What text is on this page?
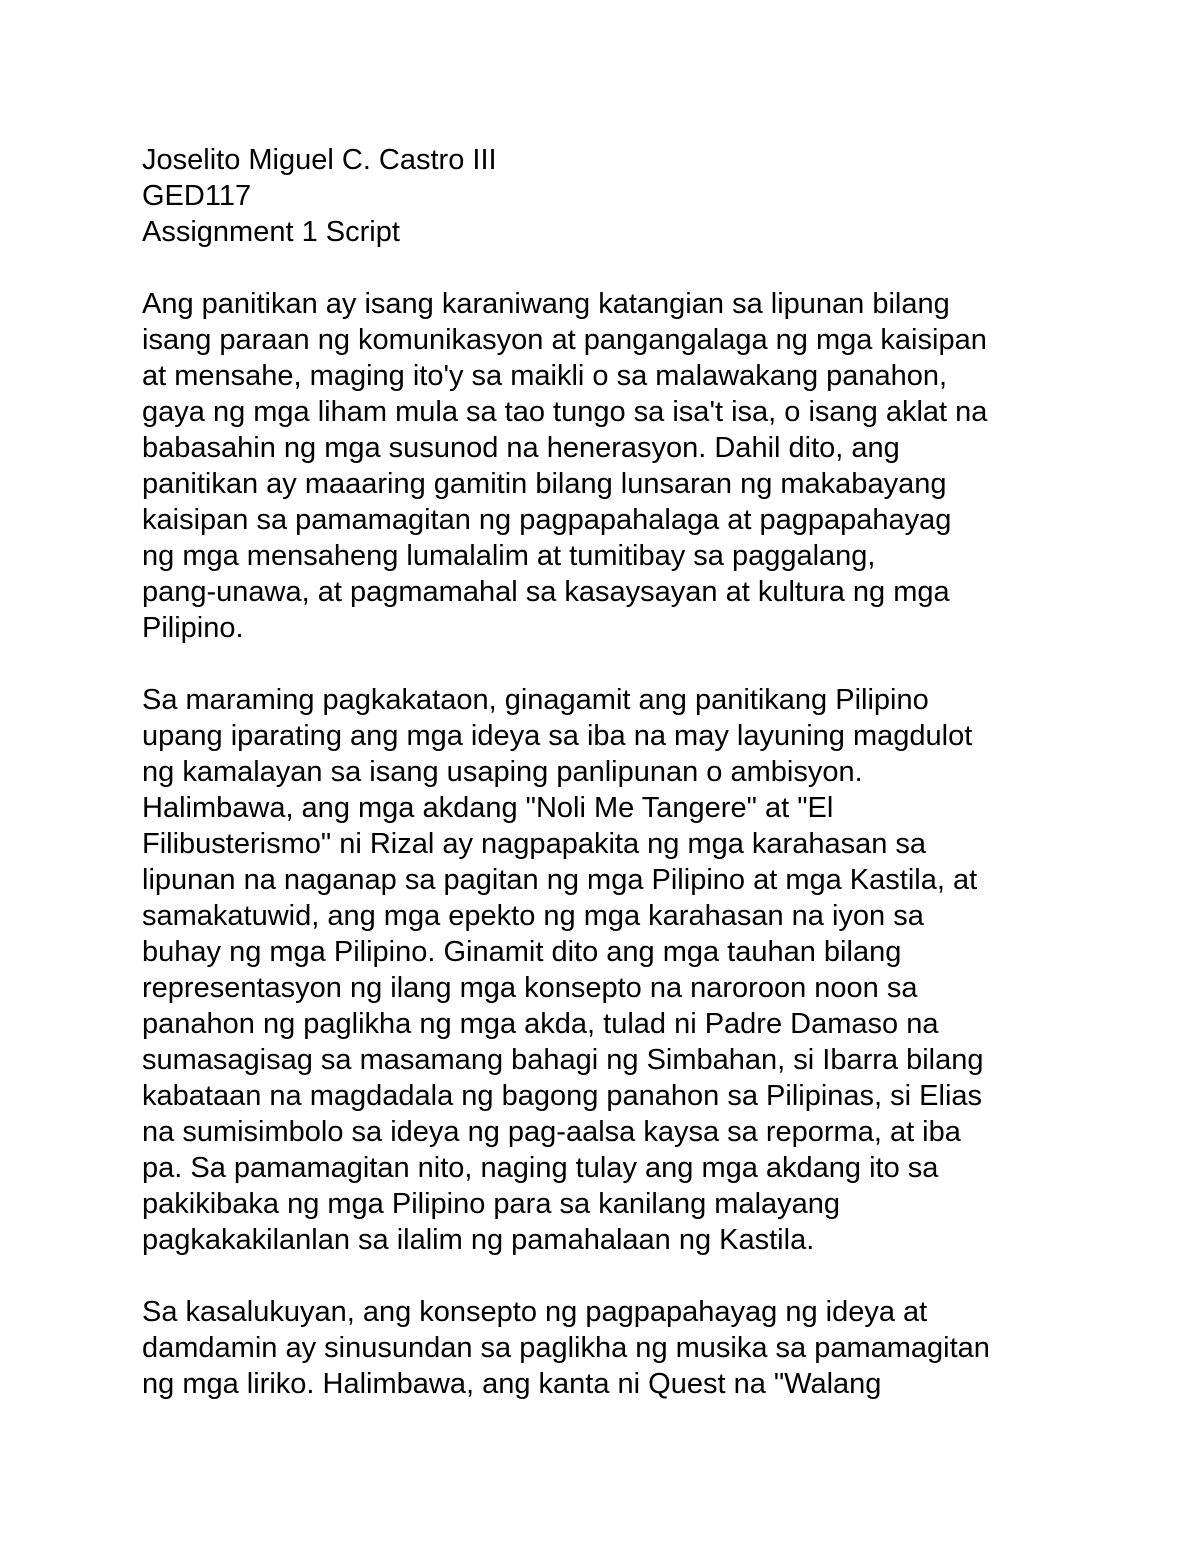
Joselito Miguel C. Castro III
GED117
Assignment 1 Script
Ang panitikan ay isang karaniwang katangian sa lipunan bilang
isang paraan ng komunikasyon at pangangalaga ng mga kaisipan
at mensahe, maging ito'y sa maikli o sa malawakang panahon,
gaya ng mga liham mula sa tao tungo sa isa't isa, o isang aklat na
babasahin ng mga susunod na henerasyon. Dahil dito, ang
panitikan ay maaaring gamitin bilang lunsaran ng makabayang
kaisipan sa pamamagitan ng pagpapahalaga at pagpapahayag
ng mga mensaheng lumalalim at tumitibay sa paggalang,
pang-unawa, at pagmamahal sa kasaysayan at kultura ng mga
Pilipino.
Sa maraming pagkakataon, ginagamit ang panitikang Pilipino
upang iparating ang mga ideya sa iba na may layuning magdulot
ng kamalayan sa isang usaping panlipunan o ambisyon.
Halimbawa, ang mga akdang "Noli Me Tangere" at "El
Filibusterismo" ni Rizal ay nagpapakita ng mga karahasan sa
lipunan na naganap sa pagitan ng mga Pilipino at mga Kastila, at
samakatuwid, ang mga epekto ng mga karahasan na iyon sa
buhay ng mga Pilipino. Ginamit dito ang mga tauhan bilang
representasyon ng ilang mga konsepto na naroroon noon sa
panahon ng paglikha ng mga akda, tulad ni Padre Damaso na
sumasagisag sa masamang bahagi ng Simbahan, si Ibarra bilang
kabataan na magdadala ng bagong panahon sa Pilipinas, si Elias
na sumisimbolo sa ideya ng pag-aalsa kaysa sa reporma, at iba
pa. Sa pamamagitan nito, naging tulay ang mga akdang ito sa
pakikibaka ng mga Pilipino para sa kanilang malayang
pagkakakilanlan sa ilalim ng pamahalaan ng Kastila.
Sa kasalukuyan, ang konsepto ng pagpapahayag ng ideya at
damdamin ay sinusundan sa paglikha ng musika sa pamamagitan
ng mga liriko. Halimbawa, ang kanta ni Quest na "Walang
